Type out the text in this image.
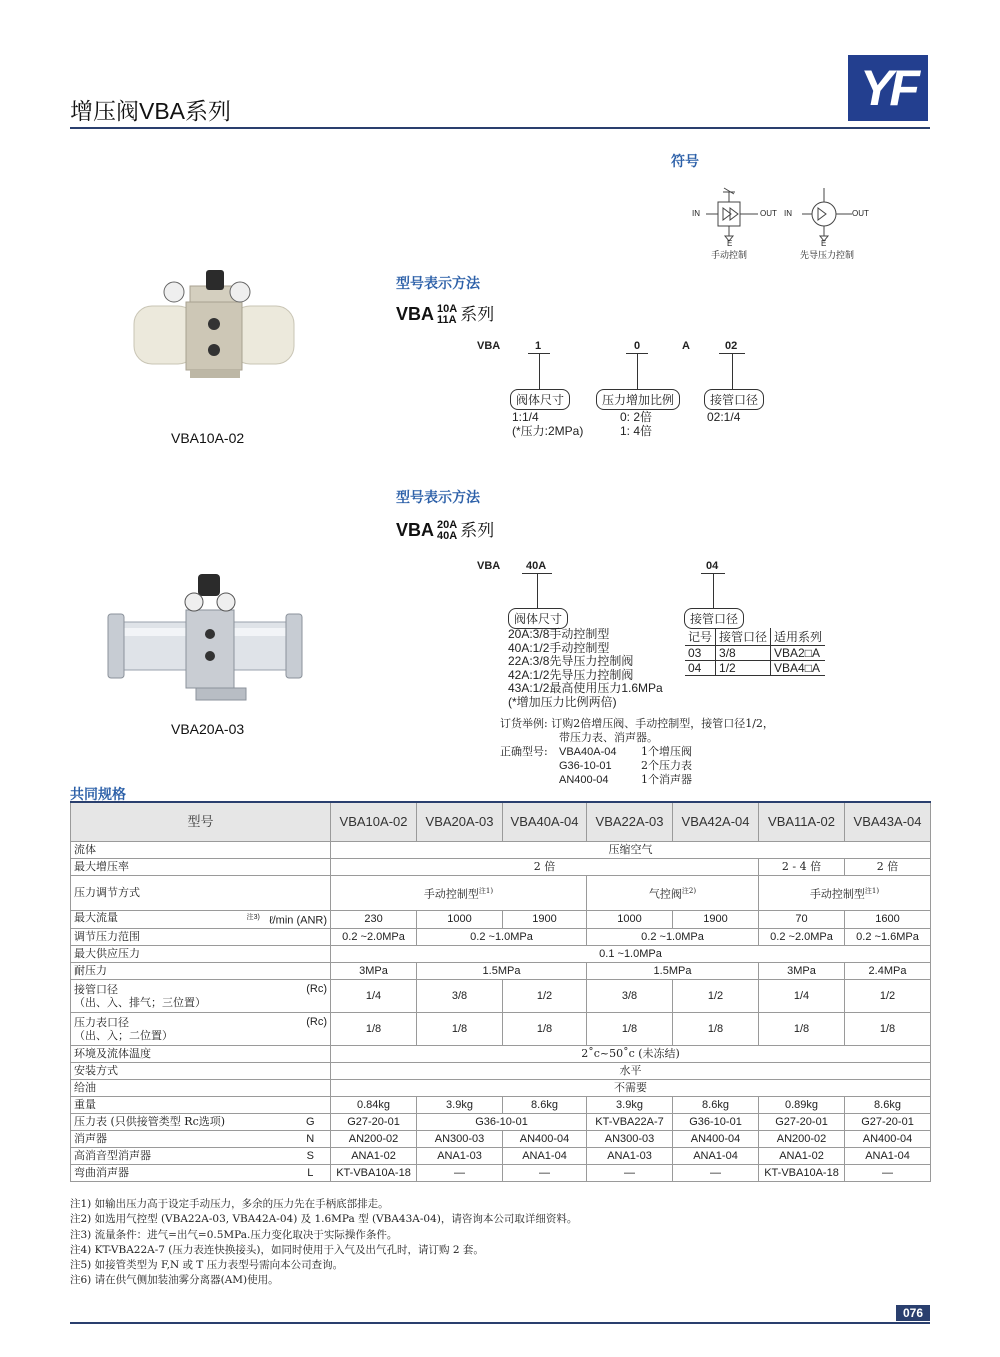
增压阀VBA系列	YF
符号
IN	OUT IN	OUT
E	E
手动控制	先导压力控制
VBA10A-02
VBA20A-03
型号表示方法
VBA 10A
11A 系列
VBA	1	0	A	02
阀体尺寸	压力增加比例	接管口径
1:1/4
(*压力:2MPa)
0: 2倍
1: 4倍
02:1/4
型号表示方法
VBA 20A
40A 系列
VBA 40A	04
阀体尺寸	接管口径
20A:3/8手动控制型
40A:1/2手动控制型
22A:3/8先导压力控制阀
42A:1/2先导压力控制阀
43A:1/2最高使用压力1.6MPa
(*增加压力比例两倍)
记号	接管口径	适用系列
03	3/8	VBA2□A
04	1/2	VBA4□A
订货举例: 订购2倍增压阀、手动控制型，接管口径1/2，
带压力表、消声器。
正确型号: VBA40A-04 1个增压阀
G36-10-01	2个压力表
AN400-04	1个消声器
共同规格
型号		VBA10A-02	VBA20A-03	VBA40A-04	VBA22A-03	VBA42A-04	VBA11A-02	VBA43A-04
流体		压缩空气						
最大增压率		2 倍					2 - 4 倍	2 倍
压力调节方式		手动控制型$^{注1)}$			气控阀$^{注2)}$		手动控制型$^{注1)}$
最大流量 $^{注3)}$ ℓ/min (ANR)		230	1000	1900	1000	1900	70	1600
调节压力范围		0.2 ~2.0MPa	0.2 ~1.0MPa		0.2 ~1.0MPa		0.2 ~2.0MPa	0.2 ~1.6MPa
最大供应压力		0.1 ~1.0MPa						
耐压力		3MPa	1.5MPa		1.5MPa		3MPa	2.4MPa

(Rc)
接管口径
（出、入、排气；三位置）		1/4	3/8	1/2	3/8	1/2	1/4	1/2

(Rc)
压力表口径
（出、入；二位置）		1/8	1/8	1/8	1/8	1/8	1/8	1/8
环境及流体温度		2˚c~50˚c (未冻结)						
安装方式		水平						
给油		不需要						
重量		0.84kg	3.9kg	8.6kg	3.9kg	8.6kg	0.89kg	8.6kg
压力表 (只供接管类型 Rc选项)	G	G27-20-01	G36-10-01		KT-VBA22A-7	G36-10-01	G27-20-01	G27-20-01
消声器	N	AN200-02	AN300-03	AN400-04	AN300-03	AN400-04	AN200-02	AN400-04
高消音型消声器	S	ANA1-02	ANA1-03	ANA1-04	ANA1-03	ANA1-04	ANA1-02	ANA1-04
弯曲消声器	L	KT-VBA10A-18	—	—	—	—	KT-VBA10A-18	—
注1) 如输出压力高于设定手动压力，多余的压力先在手柄底部排走。
注2) 如选用气控型 (VBA22A-03, VBA42A-04) 及 1.6MPa 型 (VBA43A-04)，请咨询本公司取详细资料。
注3) 流量条件：进气=出气=0.5MPa.压力变化取决于实际操作条件。
注4) KT-VBA22A-7 (压力表连快换接头)，如同时使用于入气及出气孔时，请订购 2 套。
注5) 如接管类型为 F,N 或 T 压力表型号需向本公司查询。
注6) 请在供气侧加装油雾分离器(AM)使用。
076
